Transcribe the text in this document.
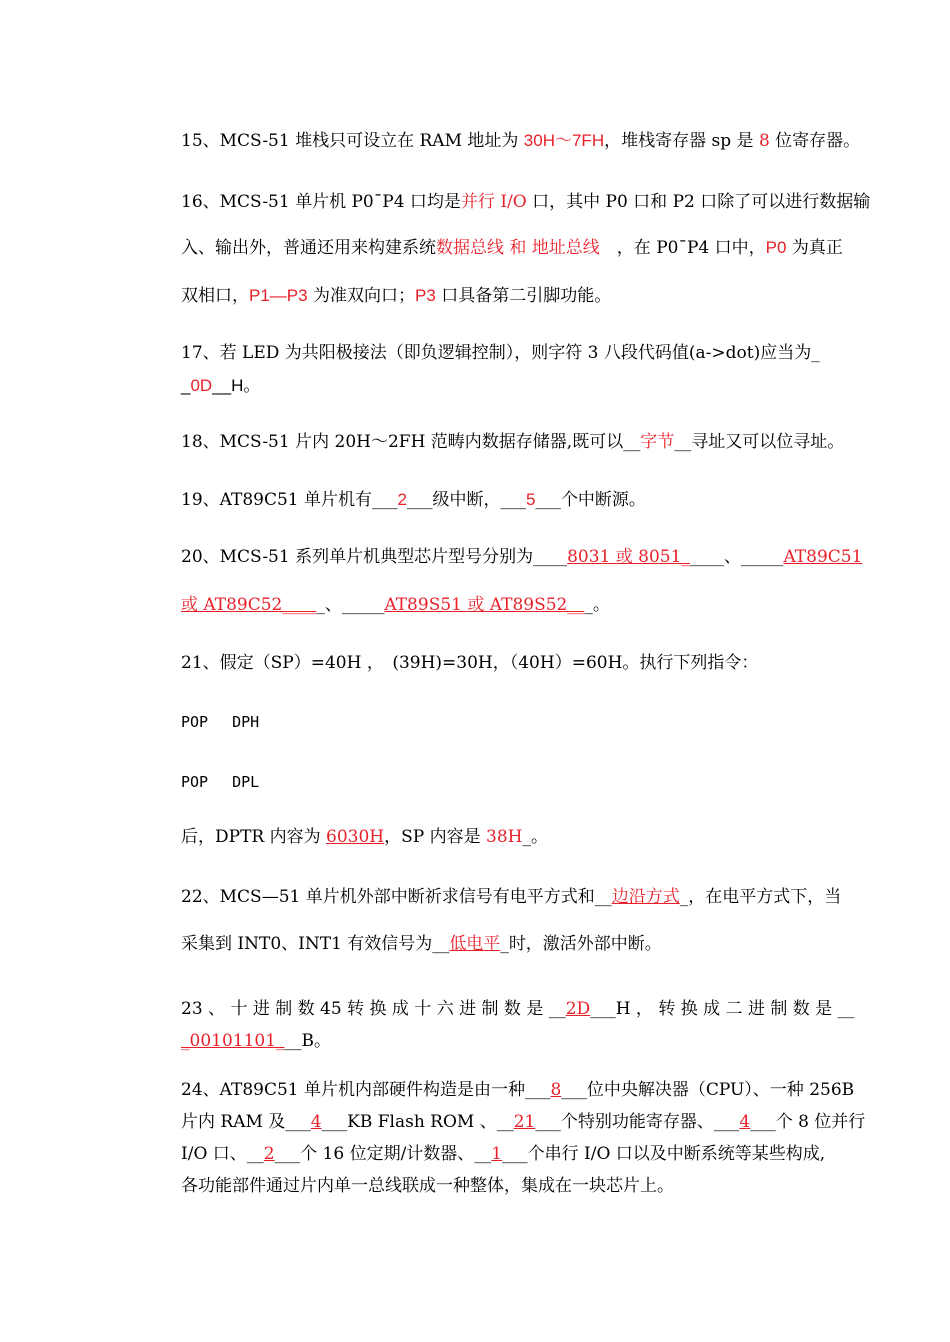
15、MCS-51 堆栈只可设立在 RAM 地址为 30H～7FH，堆栈寄存器 sp 是 8 位寄存器。
16、MCS-51 单片机 P0¯P4 口均是并行 I/O 口，其中 P0 口和 P2 口除了可以进行数据输
入、输出外，普通还用来构建系统数据总线 和 地址总线　，在 P0¯P4 口中，P0 为真正
双相口，P1—P3 为准双向口；P3 口具备第二引脚功能。
17、若 LED 为共阳极接法（即负逻辑控制），则字符 3 八段代码值(a->dot)应当为_
_0D__H。
18、MCS-51 片内 20H～2FH 范畴内数据存储器,既可以__字节__寻址又可以位寻址。
19、AT89C51 单片机有___2___级中断，___5___个中断源。
20、MCS-51 系列单片机典型芯片型号分别为____8031 或 8051_____、_____AT89C51
或 AT89C52_____、_____AT89S51 或 AT89S52___。
21、假定（SP）=40H ，　(39H)=30H，（40H）=60H。执行下列指令：
POP　 DPH
POP　 DPL
后，DPTR 内容为 6030H，SP 内容是 38H_。
22、MCS—51 单片机外部中断祈求信号有电平方式和__边沿方式_，在电平方式下，当
采集到 INT0、INT1 有效信号为__低电平_时，激活外部中断。
23 、 十 进 制 数 45 转 换 成 十 六 进 制 数 是 __2D___H ， 转 换 成 二 进 制 数 是 __
_00101101___B。
24、AT89C51 单片机内部硬件构造是由一种___8___位中央解决器（CPU）、一种 256B
片内 RAM 及___4___KB Flash ROM 、__21___个特别功能寄存器、___4___个 8 位并行
I/O 口、__2___个 16 位定期/计数器、__1___个串行 I/O 口以及中断系统等某些构成,
各功能部件通过片内单一总线联成一种整体，集成在一块芯片上。
